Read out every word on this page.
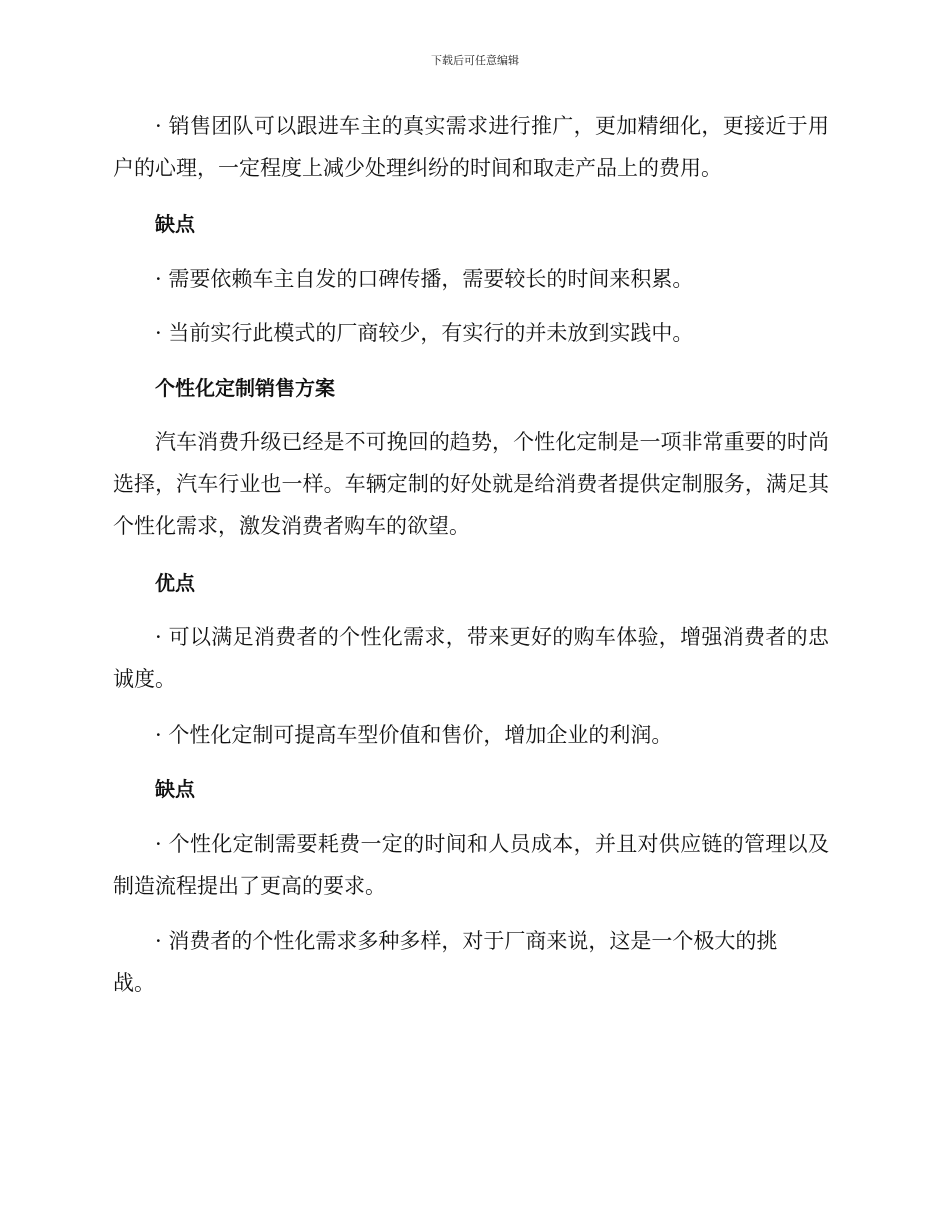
下载后可任意编辑

· 销售团队可以跟进车主的真实需求进行推广，更加精细化，更接近于用户的心理，一定程度上减少处理纠纷的时间和取走产品上的费用。

缺点

· 需要依赖车主自发的口碑传播，需要较长的时间来积累。

· 当前实行此模式的厂商较少，有实行的并未放到实践中。

个性化定制销售方案

汽车消费升级已经是不可挽回的趋势，个性化定制是一项非常重要的时尚选择，汽车行业也一样。车辆定制的好处就是给消费者提供定制服务，满足其个性化需求，激发消费者购车的欲望。

优点

· 可以满足消费者的个性化需求，带来更好的购车体验，增强消费者的忠诚度。

· 个性化定制可提高车型价值和售价，增加企业的利润。

缺点

· 个性化定制需要耗费一定的时间和人员成本，并且对供应链的管理以及制造流程提出了更高的要求。

· 消费者的个性化需求多种多样，对于厂商来说，这是一个极大的挑战。
